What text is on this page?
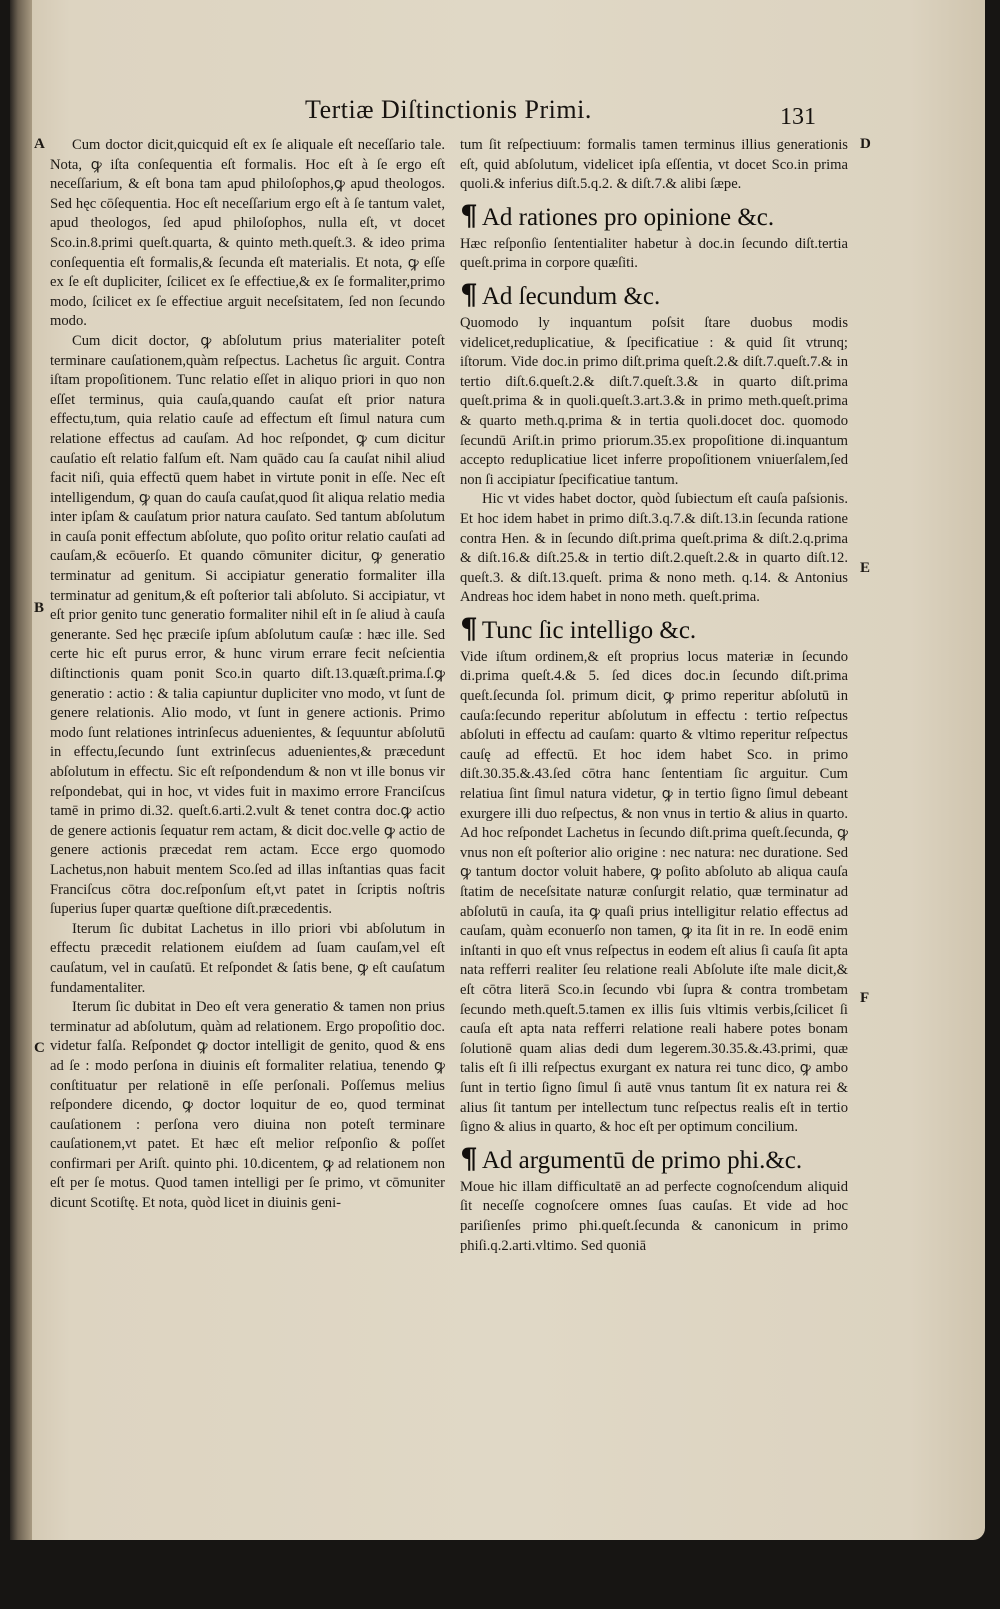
Tertiæ Diſtinctionis Primi.	131
A
B
C
D
E
F

Cum doctor dicit,quicquid eſt ex ſe aliquale eſt neceſſario tale. Nota, ꝙ iſta conſequentia eſt formalis. Hoc eſt à ſe ergo eſt neceſſarium, & eſt bona tam apud philoſophos,ꝙ apud theologos. Sed hęc cōſequentia. Hoc eſt neceſſarium ergo eſt à ſe tantum valet, apud theologos, ſed apud philoſophos, nulla eſt, vt docet Sco.in.8.primi queſt.quarta, & quinto meth.queſt.3. & ideo prima conſequentia eſt formalis,& ſecunda eſt materialis. Et nota, ꝙ eſſe ex ſe eſt dupliciter, ſcilicet ex ſe effectiue,& ex ſe formaliter,primo modo, ſcilicet ex ſe effectiue arguit neceſsitatem, ſed non ſecundo modo.

Cum dicit doctor, ꝙ abſolutum prius materialiter poteſt terminare cauſationem,quàm reſpectus. Lachetus ſic arguit. Contra iſtam propoſitionem. Tunc relatio eſſet in aliquo priori in quo non eſſet terminus, quia cauſa,quando cauſat eſt prior natura effectu,tum, quia relatio cauſe ad effectum eſt ſimul natura cum relatione effectus ad cauſam. Ad hoc reſpondet, ꝙ cum dicitur cauſatio eſt relatio falſum eſt. Nam quādo cau ſa cauſat nihil aliud facit niſi, quia effectū quem habet in virtute ponit in eſſe. Nec eſt intelligendum, ꝙ quan do cauſa cauſat,quod ſit aliqua relatio media inter ipſam & cauſatum prior natura cauſato. Sed tantum abſolutum in cauſa ponit effectum abſolute, quo poſito oritur relatio cauſati ad cauſam,& ecōuerſo. Et quando cōmuniter dicitur, ꝙ generatio terminatur ad genitum. Si accipiatur generatio formaliter illa terminatur ad genitum,& eſt poſterior tali abſoluto. Si accipiatur, vt eſt prior genito tunc generatio formaliter nihil eſt in ſe aliud à cauſa generante. Sed hęc præciſe ipſum abſolutum cauſæ : hæc ille. Sed certe hic eſt purus error, & hunc virum errare fecit neſcientia diſtinctionis quam ponit Sco.in quarto diſt.13.quæſt.prima.ſ.ꝙ generatio : actio : & talia capiuntur dupliciter vno modo, vt ſunt de genere relationis. Alio modo, vt ſunt in genere actionis. Primo modo ſunt relationes intrinſecus aduenientes, & ſequuntur abſolutū in effectu,ſecundo ſunt extrinſecus aduenientes,& præcedunt abſolutum in effectu. Sic eſt reſpondendum & non vt ille bonus vir reſpondebat, qui in hoc, vt vides fuit in maximo errore Franciſcus tamē in primo di.32. queſt.6.arti.2.vult & tenet contra doc.ꝙ actio de genere actionis ſequatur rem actam, & dicit doc.velle ꝙ actio de genere actionis præcedat rem actam. Ecce ergo quomodo Lachetus,non habuit mentem Sco.ſed ad illas inſtantias quas facit Franciſcus cōtra doc.reſponſum eſt,vt patet in ſcriptis noſtris ſuperius ſuper quartæ queſtione diſt.præcedentis.

Iterum ſic dubitat Lachetus in illo priori vbi abſolutum in effectu præcedit relationem eiuſdem ad ſuam cauſam,vel eſt cauſatum, vel in cauſatū. Et reſpondet & ſatis bene, ꝙ eſt cauſatum fundamentaliter.

Iterum ſic dubitat in Deo eſt vera generatio & tamen non prius terminatur ad abſolutum, quàm ad relationem. Ergo propoſitio doc. videtur falſa. Reſpondet ꝙ doctor intelligit de genito, quod & ens ad ſe : modo perſona in diuinis eſt formaliter relatiua, tenendo ꝙ conſtituatur per relationē in eſſe perſonali. Poſſemus melius reſpondere dicendo, ꝙ doctor loquitur de eo, quod terminat cauſationem : perſona vero diuina non poteſt terminare cauſationem,vt patet. Et hæc eſt melior reſponſio & poſſet confirmari per Ariſt. quinto phi. 10.dicentem, ꝙ ad relationem non eſt per ſe motus. Quod tamen intelligi per ſe primo, vt cōmuniter dicunt Scotiſtę. Et nota, quòd licet in diuinis geni-

tum ſit reſpectiuum: formalis tamen terminus illius generationis eſt, quid abſolutum, videlicet ipſa eſſentia, vt docet Sco.in prima quoli.& inferius diſt.5.q.2. & diſt.7.& alibi ſæpe.

¶ Ad rationes pro opinione &c.

Hæc reſponſio ſententialiter habetur à doc.in ſecundo diſt.tertia queſt.prima in corpore quæſiti.

¶ Ad ſecundum &c.

Quomodo ly inquantum poſsit ſtare duobus modis videlicet,reduplicatiue, & ſpecificatiue : & quid ſit vtrunq; iſtorum. Vide doc.in primo diſt.prima queſt.2.& diſt.7.queſt.7.& in tertio diſt.6.queſt.2.& diſt.7.queſt.3.& in quarto diſt.prima queſt.prima & in quoli.queſt.3.art.3.& in primo meth.queſt.prima & quarto meth.q.prima & in tertia quoli.docet doc. quomodo ſecundū Ariſt.in primo priorum.35.ex propoſitione di.inquantum accepto reduplicatiue licet inferre propoſitionem vniuerſalem,ſed non ſi accipiatur ſpecificatiue tantum.

Hic vt vides habet doctor, quòd ſubiectum eſt cauſa paſsionis. Et hoc idem habet in primo diſt.3.q.7.& diſt.13.in ſecunda ratione contra Hen. & in ſecundo diſt.prima queſt.prima & diſt.2.q.prima & diſt.16.& diſt.25.& in tertio diſt.2.queſt.2.& in quarto diſt.12. queſt.3. & diſt.13.queſt. prima & nono meth. q.14. & Antonius Andreas hoc idem habet in nono meth. queſt.prima.

¶ Tunc ſic intelligo &c.

Vide iſtum ordinem,& eſt proprius locus materiæ in ſecundo di.prima queſt.4.& 5. ſed dices doc.in ſecundo diſt.prima queſt.ſecunda ſol. primum dicit, ꝙ primo reperitur abſolutū in cauſa:ſecundo reperitur abſolutum in effectu : tertio reſpectus abſoluti in effectu ad cauſam: quarto & vltimo reperitur reſpectus cauſę ad effectū. Et hoc idem habet Sco. in primo diſt.30.35.&.43.ſed cōtra hanc ſententiam ſic arguitur. Cum relatiua ſint ſimul natura videtur, ꝙ in tertio ſigno ſimul debeant exurgere illi duo reſpectus, & non vnus in tertio & alius in quarto. Ad hoc reſpondet Lachetus in ſecundo diſt.prima queſt.ſecunda, ꝙ vnus non eſt poſterior alio origine : nec natura: nec duratione. Sed ꝙ tantum doctor voluit habere, ꝙ poſito abſoluto ab aliqua cauſa ſtatim de neceſsitate naturæ conſurgit relatio, quæ terminatur ad abſolutū in cauſa, ita ꝙ quaſi prius intelligitur relatio effectus ad cauſam, quàm econuerſo non tamen, ꝙ ita ſit in re. In eodē enim inſtanti in quo eſt vnus reſpectus in eodem eſt alius ſi cauſa ſit apta nata refferri realiter ſeu relatione reali Abſolute iſte male dicit,& eſt cōtra literā Sco.in ſecundo vbi ſupra & contra trombetam ſecundo meth.queſt.5.tamen ex illis ſuis vltimis verbis,ſcilicet ſi cauſa eſt apta nata refferri relatione reali habere potes bonam ſolutionē quam alias dedi dum legerem.30.35.&.43.primi, quæ talis eſt ſi illi reſpectus exurgant ex natura rei tunc dico, ꝙ ambo ſunt in tertio ſigno ſimul ſi autē vnus tantum ſit ex natura rei & alius ſit tantum per intellectum tunc reſpectus realis eſt in tertio ſigno & alius in quarto, & hoc eſt per optimum concilium.

¶ Ad argumentū de primo phi.&c.

Moue hic illam difficultatē an ad perfecte cognoſcendum aliquid ſit neceſſe cognoſcere omnes ſuas cauſas. Et vide ad hoc pariſienſes primo phi.queſt.ſecunda & canonicum in primo phiſi.q.2.arti.vltimo. Sed quoniā
